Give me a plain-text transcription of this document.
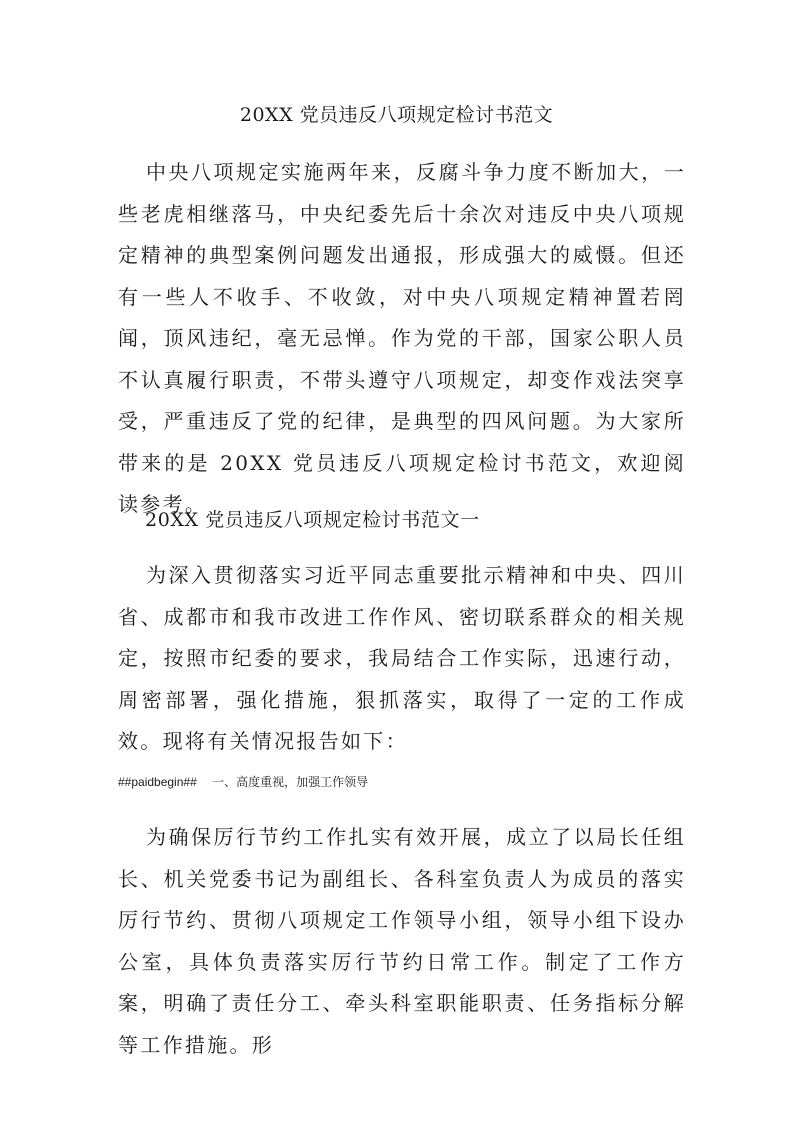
20XX 党员违反八项规定检讨书范文

中央八项规定实施两年来，反腐斗争力度不断加大，一些老虎相继落马，中央纪委先后十余次对违反中央八项规定精神的典型案例问题发出通报，形成强大的威慑。但还有一些人不收手、不收敛，对中央八项规定精神置若罔闻，顶风违纪，毫无忌惮。作为党的干部，国家公职人员不认真履行职责，不带头遵守八项规定，却变作戏法突享受，严重违反了党的纪律，是典型的四风问题。为大家所带来的是 20XX 党员违反八项规定检讨书范文，欢迎阅读参考。

20XX 党员违反八项规定检讨书范文一

为深入贯彻落实习近平同志重要批示精神和中央、四川省、成都市和我市改进工作作风、密切联系群众的相关规定，按照市纪委的要求，我局结合工作实际，迅速行动，周密部署，强化措施，狠抓落实，取得了一定的工作成效。现将有关情况报告如下：

##paidbegin## 一、高度重视，加强工作领导

为确保厉行节约工作扎实有效开展，成立了以局长任组长、机关党委书记为副组长、各科室负责人为成员的落实厉行节约、贯彻八项规定工作领导小组，领导小组下设办公室，具体负责落实厉行节约日常工作。制定了工作方案，明确了责任分工、牵头科室职能职责、任务指标分解等工作措施。形
